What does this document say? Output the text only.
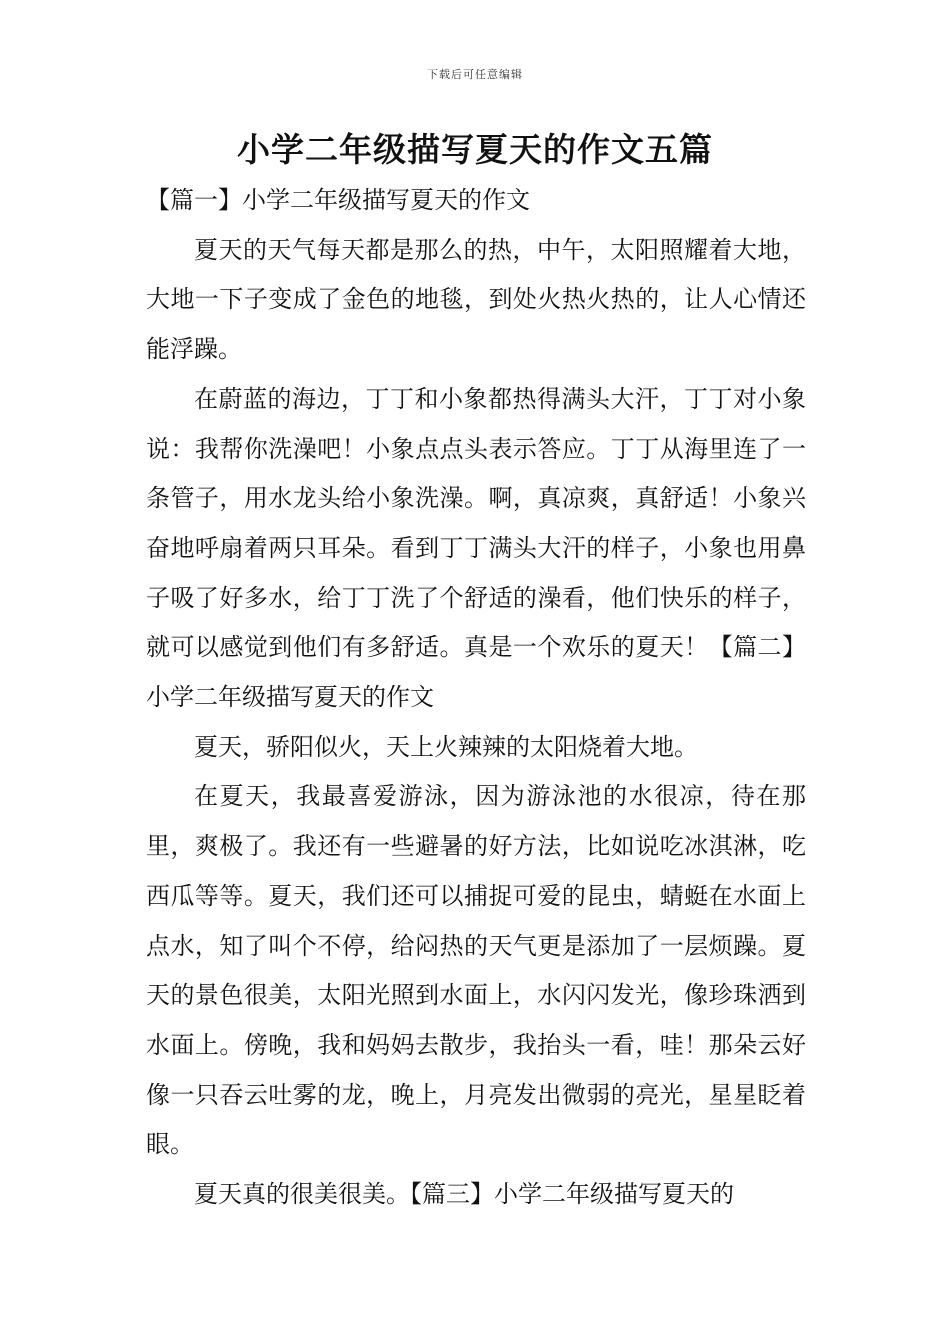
下载后可任意编辑
小学二年级描写夏天的作文五篇

【篇一】小学二年级描写夏天的作文

夏天的天气每天都是那么的热，中午，太阳照耀着大地，大地一下子变成了金色的地毯，到处火热火热的，让人心情还能浮躁。

在蔚蓝的海边，丁丁和小象都热得满头大汗，丁丁对小象说：我帮你洗澡吧！小象点点头表示答应。丁丁从海里连了一条管子，用水龙头给小象洗澡。啊，真凉爽，真舒适！小象兴奋地呼扇着两只耳朵。看到丁丁满头大汗的样子，小象也用鼻子吸了好多水，给丁丁洗了个舒适的澡看，他们快乐的样子，就可以感觉到他们有多舒适。真是一个欢乐的夏天！【篇二】小学二年级描写夏天的作文

夏天，骄阳似火，天上火辣辣的太阳烧着大地。

在夏天，我最喜爱游泳，因为游泳池的水很凉，待在那里，爽极了。我还有一些避暑的好方法，比如说吃冰淇淋，吃西瓜等等。夏天，我们还可以捕捉可爱的昆虫，蜻蜓在水面上点水，知了叫个不停，给闷热的天气更是添加了一层烦躁。夏天的景色很美，太阳光照到水面上，水闪闪发光，像珍珠洒到水面上。傍晚，我和妈妈去散步，我抬头一看，哇！那朵云好像一只吞云吐雾的龙，晚上，月亮发出微弱的亮光，星星眨着眼。

夏天真的很美很美。【篇三】小学二年级描写夏天的
